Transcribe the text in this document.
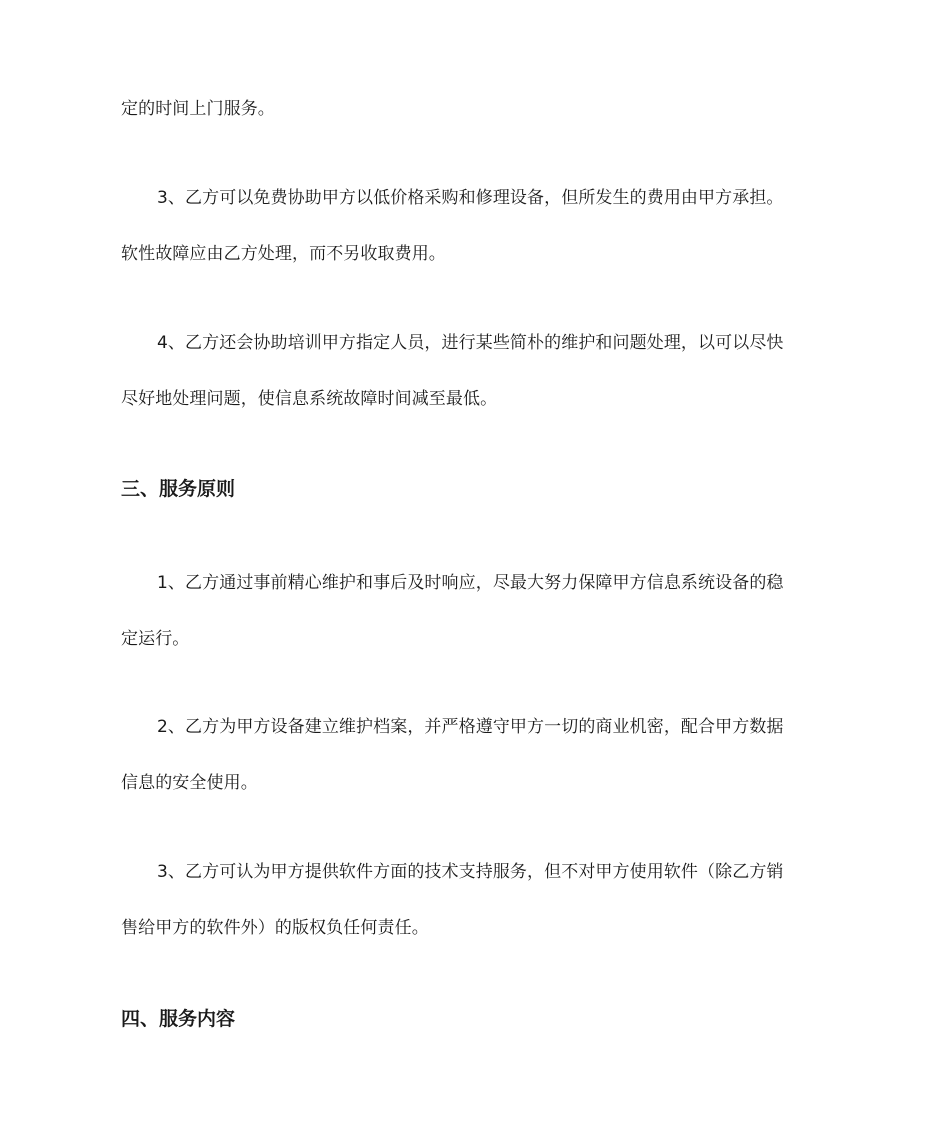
定的时间上门服务。
3、乙方可以免费协助甲方以低价格采购和修理设备，但所发生的费用由甲方承担。
软性故障应由乙方处理，而不另收取费用。
4、乙方还会协助培训甲方指定人员，进行某些简朴的维护和问题处理，以可以尽快
尽好地处理问题，使信息系统故障时间减至最低。
三、服务原则
1、乙方通过事前精心维护和事后及时响应，尽最大努力保障甲方信息系统设备的稳
定运行。
2、乙方为甲方设备建立维护档案，并严格遵守甲方一切的商业机密，配合甲方数据
信息的安全使用。
3、乙方可认为甲方提供软件方面的技术支持服务，但不对甲方使用软件（除乙方销
售给甲方的软件外）的版权负任何责任。
四、服务内容
